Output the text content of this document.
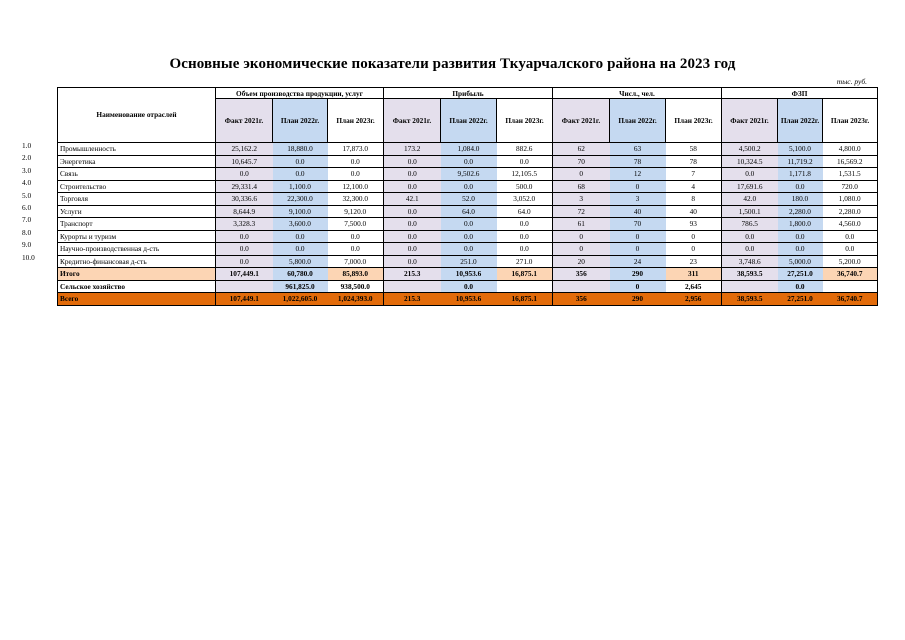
Основные экономические показатели развития Ткуарчалского района на 2023 год
тыс. руб.
1.0
2.0
3.0
4.0
5.0
6.0
7.0
8.0
9.0
10.0
Наименование отраслей	Объем производства продукции, услуг			Прибыль			Числ., чел.			ФЗП		
	Факт 2021г.	План 2022г.	План 2023г.	Факт 2021г.	План 2022г.	План 2023г.	Факт 2021г.	План 2022г.	План 2023г.	Факт 2021г.	План 2022г.	План 2023г.
Промышленность	25,162.2	18,880.0	17,873.0	173.2	1,084.0	882.6	62	63	58	4,500.2	5,100.0	4,800.0
Энергетика	10,645.7	0.0	0.0	0.0	0.0	0.0	70	78	78	10,324.5	11,719.2	16,569.2
Связь	0.0	0.0	0.0	0.0	9,502.6	12,105.5	0	12	7	0.0	1,171.8	1,531.5
Строительство	29,331.4	1,100.0	12,100.0	0.0	0.0	500.0	68	0	4	17,691.6	0.0	720.0
Торговля	30,336.6	22,300.0	32,300.0	42.1	52.0	3,052.0	3	3	8	42.0	180.0	1,080.0
Услуги	8,644.9	9,100.0	9,120.0	0.0	64.0	64.0	72	40	40	1,500.1	2,280.0	2,280.0
Транспорт	3,328.3	3,600.0	7,500.0	0.0	0.0	0.0	61	70	93	786.5	1,800.0	4,560.0
Курорты и туризм	0.0	0.0	0.0	0.0	0.0	0.0	0	0	0	0.0	0.0	0.0
Научно-производственная д-сть	0.0	0.0	0.0	0.0	0.0	0.0	0	0	0	0.0	0.0	0.0
Кредитно-финансовая д-сть	0.0	5,800.0	7,000.0	0.0	251.0	271.0	20	24	23	3,748.6	5,000.0	5,200.0
Итого	107,449.1	60,780.0	85,893.0	215.3	10,953.6	16,875.1	356	290	311	38,593.5	27,251.0	36,740.7
Сельское хозяйство		961,825.0	938,500.0		0.0			0	2,645		0.0	
Всего	107,449.1	1,022,605.0	1,024,393.0	215.3	10,953.6	16,875.1	356	290	2,956	38,593.5	27,251.0	36,740.7
